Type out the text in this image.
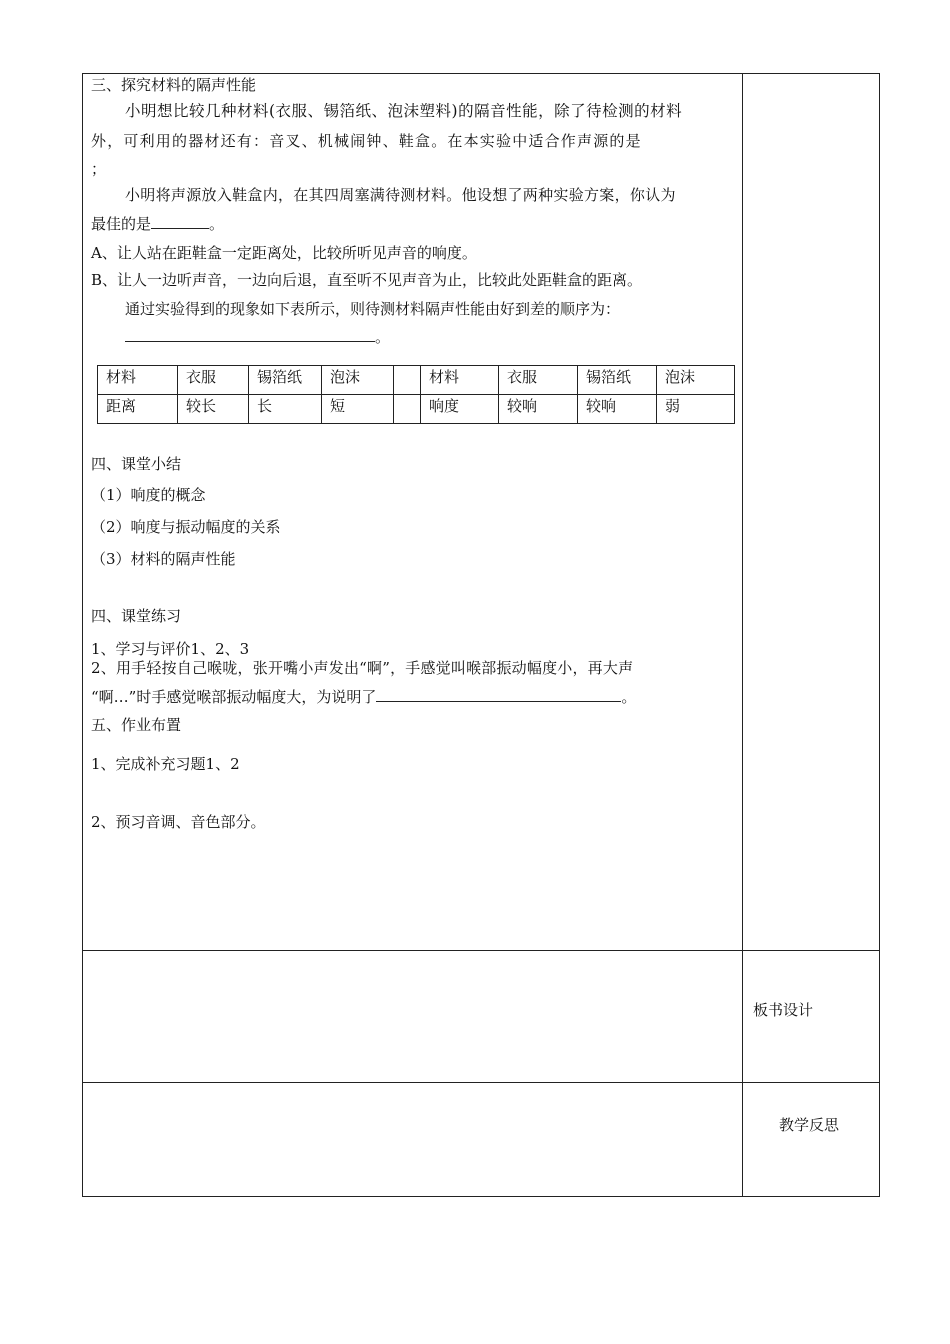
三、探究材料的隔声性能
小明想比较几种材料(衣服、锡箔纸、泡沫塑料)的隔音性能，除了待检测的材料
外，可利用的器材还有：音叉、机械闹钟、鞋盒。在本实验中适合作声源的是
；
小明将声源放入鞋盒内，在其四周塞满待测材料。他设想了两种实验方案，你认为
最佳的是	。
A、让人站在距鞋盒一定距离处，比较所听见声音的响度。
B、让人一边听声音，一边向后退，直至听不见声音为止，比较此处距鞋盒的距离。
通过实验得到的现象如下表所示，则待测材料隔声性能由好到差的顺序为：
。
材料	衣服	锡箔纸	泡沫		材料	衣服	锡箔纸	泡沫
距离	较长	长	短		响度	较响	较响	弱
四、课堂小结
（1）响度的概念
（2）响度与振动幅度的关系
（3）材料的隔声性能
四、课堂练习
1、学习与评价1、2、3
2、用手轻按自己喉咙，张开嘴小声发出“啊”，手感觉叫喉部振动幅度小，再大声
“啊…”时手感觉喉部振动幅度大，为说明了	。
五、作业布置
1、完成补充习题1、2
2、预习音调、音色部分。
板书设计
教学反思
